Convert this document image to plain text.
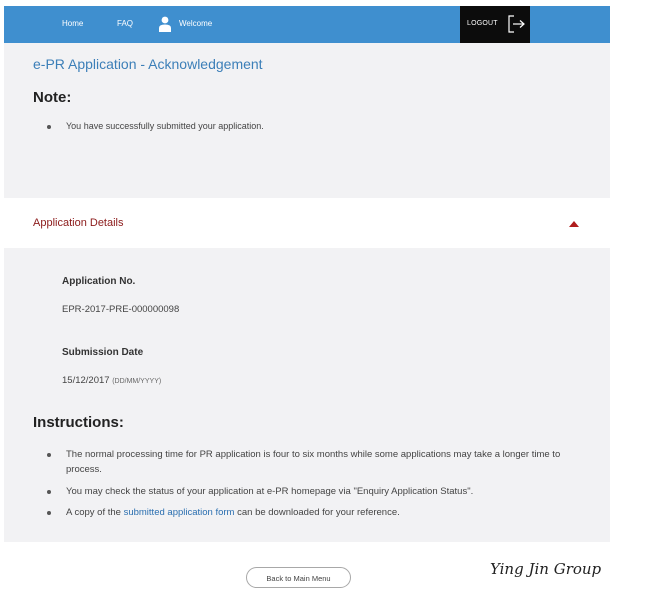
Home	FAQ	Welcome	LOGOUT
e-PR Application - Acknowledgement
Note:
You have successfully submitted your application.
Application Details
Application No.
EPR-2017-PRE-000000098
Submission Date
15/12/2017 (DD/MM/YYYY)
Instructions:
The normal processing time for PR application is four to six months while some applications may take a longer time to process.
You may check the status of your application at e-PR homepage via "Enquiry Application Status".
A copy of the submitted application form can be downloaded for your reference.
Back to Main Menu
Ying Jin Group
